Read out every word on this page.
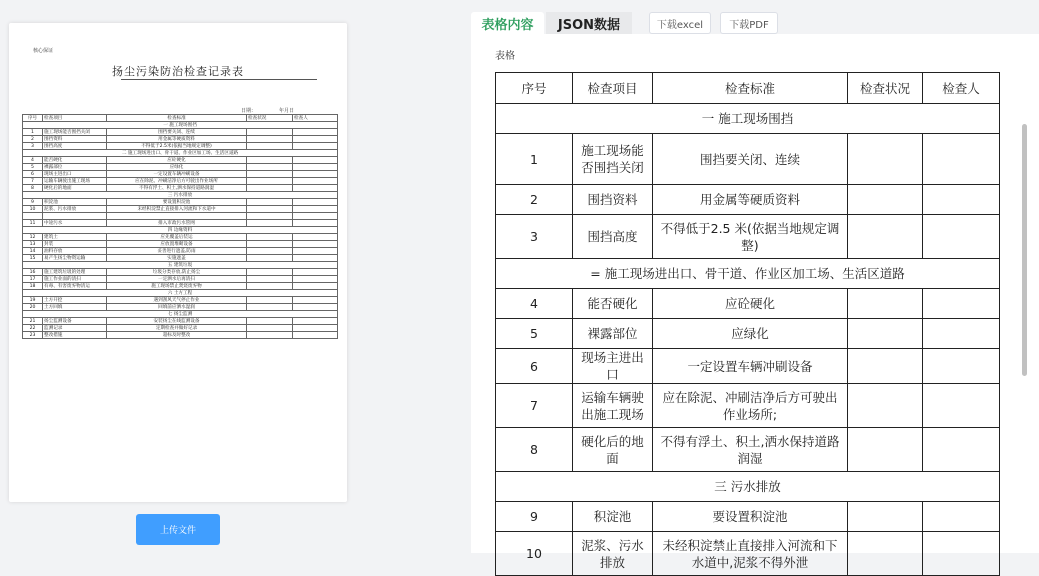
核心保证
扬尘污染防治检查记录表
日期：	年月日
序号	检查项目	检查标准	检查状况	检查人
一 施工现场围挡				
1	施工现场能否围挡关闭	围挡要关闭、连续		
2	围挡资料	用金属等硬质资料		
3	围挡高度	不得低于2.5米(依据当地规定调整)		
二 施工现场进出口、骨干道、作业区加工场、生活区道路				
4	能否硬化	应砼硬化		
5	裸露部位	应绿化		
6	现场主进出口	一定设置车辆冲刷设备		
7	运输车辆驶出施工现场	应在除泥、冲刷洁净后方可驶出作业场所		
8	硬化后的地面	不得有浮土、积土,洒水保持道路润湿		
三 污水排放				
9	积淀池	要设置积淀池		
10	泥浆、污水排放	未经积淀禁止直接排入河流和下水道中		

11	中途污水	排入市政污水管网		
四 边缘资料				
12	建筑土	应先覆盖后装运		
13	封装	应放置堆砌设备		
14	油料存放	妥善进行遮盖,防雨		
15	易产生扬尘物资运输	实施遮盖		
五 建筑垃圾				
16	施工建筑垃圾的处理	垃圾分类存放,防止扬尘		
17	施工作业面的清扫	一定洒水后再清扫		
18	有毒、有害废弃物清运	施工现场禁止焚烧废弃物		
六 土方工程				
19	土方开挖	遇到刮风天气停止作业		
20	土方回填	回填前应洒水湿润		
七 扬尘监测				
21	扬尘监测设备	安装扬尘在线监测设备		
22	监测记录	定期检查并做好记录		
23	整改措施	超标及时整改		
上传文件
表格内容	JSON数据	下载excel	下载PDF
表格
序号	检查项目	检查标准	检查状况	检查人
一 施工现场围挡				
1	施工现场能否围挡关闭	围挡要关闭、连续		
2	围挡资料	用金属等硬质资料		
3	围挡高度	不得低于2.5 米(依据当地规定调整)		
= 施工现场进出口、骨干道、作业区加工场、生活区道路				
4	能否硬化	应砼硬化		
5	裸露部位	应绿化		
6	现场主进出口	一定设置车辆冲刷设备		
7	运输车辆驶出施工现场	应在除泥、冲刷洁净后方可驶出作业场所;		
8	硬化后的地面	不得有浮土、积土,洒水保持道路润湿		
三 污水排放				
9	积淀池	要设置积淀池		
10	泥浆、污水排放	未经积淀禁止直接排入河流和下水道中,泥浆不得外泄		
